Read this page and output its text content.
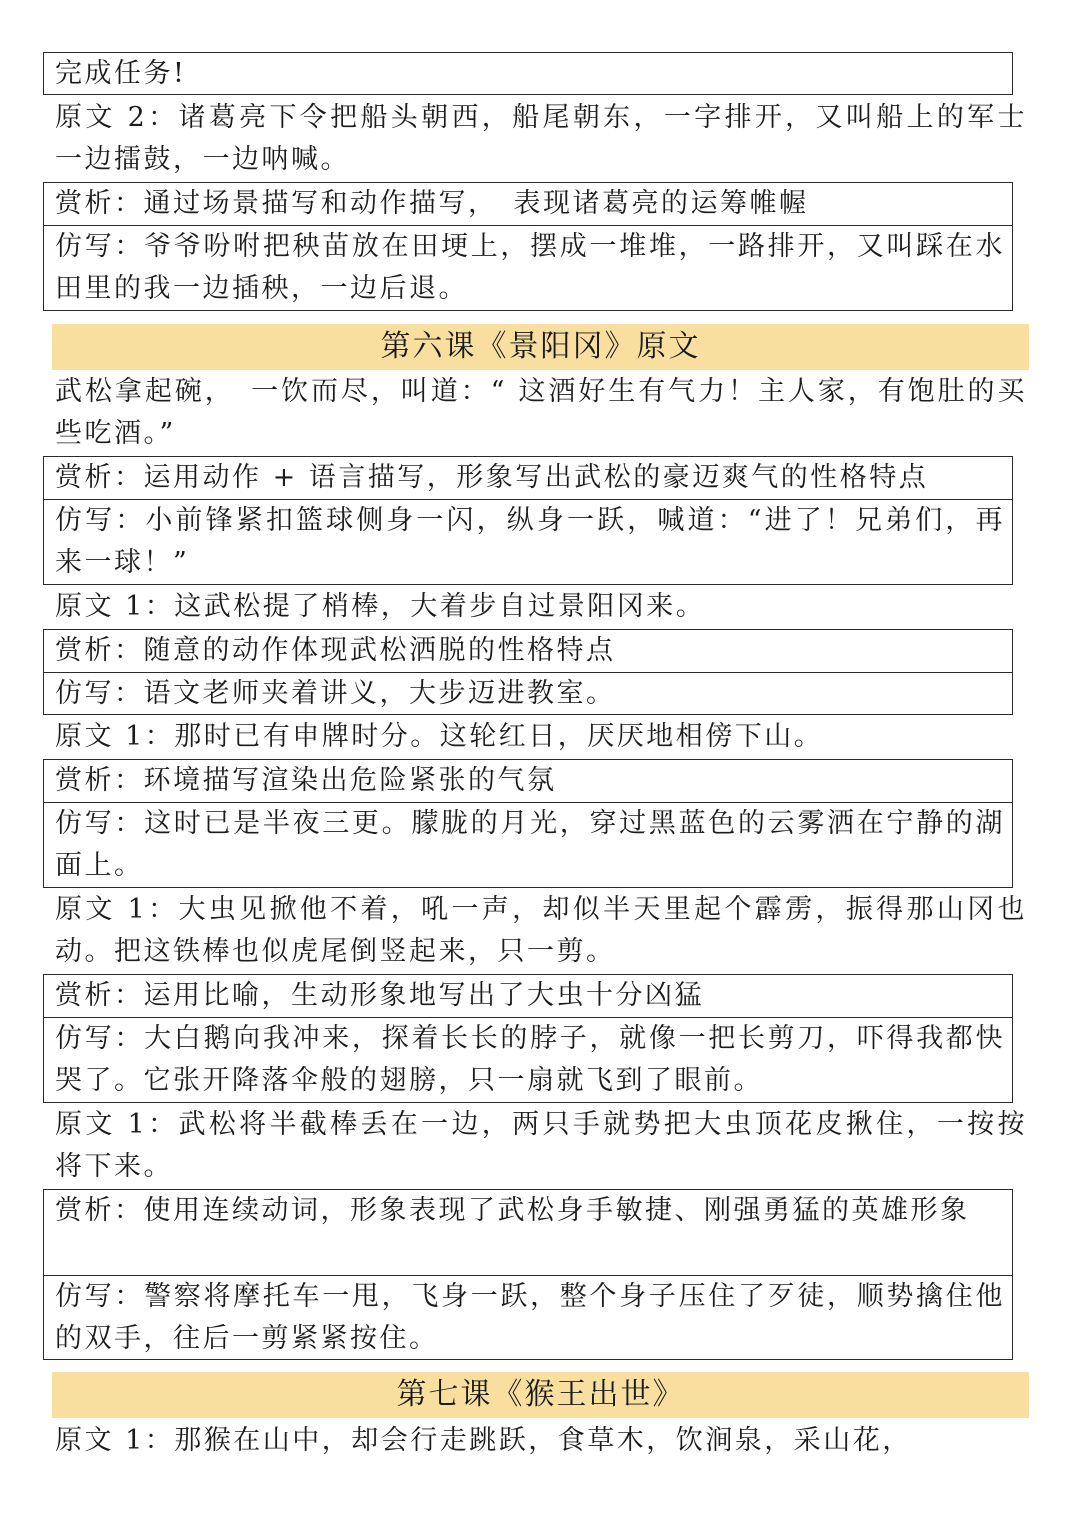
完成任务!

原文 2：诸葛亮下令把船头朝西，船尾朝东，一字排开，又叫船上的军士一边擂鼓，一边呐喊。

赏析：通过场景描写和动作描写，　表现诸葛亮的运筹帷幄

仿写：爷爷吩咐把秧苗放在田埂上，摆成一堆堆，一路排开，又叫踩在水田里的我一边插秧，一边后退。

第六课《景阳冈》原文

武松拿起碗，　一饮而尽，叫道：“ 这酒好生有气力！主人家，有饱肚的买些吃酒。”

赏析：运用动作 + 语言描写，形象写出武松的豪迈爽气的性格特点

仿写：小前锋紧扣篮球侧身一闪，纵身一跃，喊道：“进了！兄弟们，再来一球！”

原文 1：这武松提了梢棒，大着步自过景阳冈来。

赏析：随意的动作体现武松洒脱的性格特点

仿写：语文老师夹着讲义，大步迈进教室。

原文 1：那时已有申牌时分。这轮红日，厌厌地相傍下山。

赏析：环境描写渲染出危险紧张的气氛

仿写：这时已是半夜三更。朦胧的月光，穿过黑蓝色的云雾洒在宁静的湖面上。

原文 1：大虫见掀他不着，吼一声，却似半天里起个霹雳，振得那山冈也动。把这铁棒也似虎尾倒竖起来，只一剪。

赏析：运用比喻，生动形象地写出了大虫十分凶猛

仿写：大白鹅向我冲来，探着长长的脖子，就像一把长剪刀，吓得我都快哭了。它张开降落伞般的翅膀，只一扇就飞到了眼前。

原文 1：武松将半截棒丢在一边，两只手就势把大虫顶花皮揪住，一按按将下来。

赏析：使用连续动词，形象表现了武松身手敏捷、刚强勇猛的英雄形象

仿写：警察将摩托车一甩，飞身一跃，整个身子压住了歹徒，顺势擒住他的双手，往后一剪紧紧按住。

第七课《猴王出世》

原文 1：那猴在山中，却会行走跳跃，食草木，饮涧泉，采山花，
